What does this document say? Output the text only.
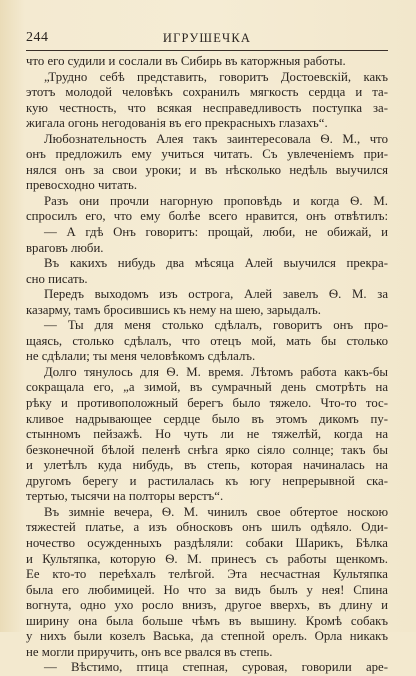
244	ИГРУШЕЧКА
что его судили и сослали въ Сибирь въ каторжныя работы.
„Трудно себѣ представить, говоритъ Достоевскій, какъ
этотъ молодой человѣкъ сохранилъ мягкость сердца и та-
кую честность, что всякая несправедливость поступка за-
жигала огонь негодованія въ его прекрасныхъ глазахъ“.
Любознательность Алея такъ заинтересовала Ѳ. М., что
онъ предложилъ ему учиться читать. Съ увлеченіемъ при-
нялся онъ за свои уроки; и въ нѣсколько недѣль выучился
превосходно читать.
Разъ они прочли нагорную проповѣдь и когда Ѳ. М.
спросилъ его, что ему болѣе всего нравится, онъ отвѣтилъ:
— А гдѣ Онъ говоритъ: прощай, люби, не обижай, и
враговъ люби.
Въ какихъ нибудь два мѣсяца Алей выучился прекра-
сно писать.
Передъ выходомъ изъ острога, Алей завелъ Ѳ. М. за
казарму, тамъ бросившись къ нему на шею, зарыдалъ.
— Ты для меня столько сдѣлалъ, говоритъ онъ про-
щаясь, столько сдѣлалъ, что отецъ мой, мать бы столько
не сдѣлали; ты меня человѣкомъ сдѣлалъ.
Долго тянулось для Ѳ. М. время. Лѣтомъ работа какъ-бы
сокращала его, „а зимой, въ сумрачный день смотрѣть на
рѣку и противоположный берегъ было тяжело. Что-то тос-
кливое надрывающее сердце было въ этомъ дикомъ пу-
стынномъ пейзажѣ. Но чуть ли не тяжелѣй, когда на
безконечной бѣлой пеленѣ снѣга ярко сіяло солнце; такъ бы
и улетѣлъ куда нибудь, въ степь, которая начиналась на
другомъ берегу и растилалась къ югу непрерывной ска-
тертью, тысячи на полторы верстъ“.
Въ зимніе вечера, Ѳ. М. чинилъ свое обтертое носкою
тяжестей платье, а изъ обносковъ онъ шилъ одѣяло. Оди-
ночество осужденныхъ раздѣляли: собаки Шарикъ, Бѣлка
и Культяпка, которую Ѳ. М. принесъ съ работы щенкомъ.
Ее кто-то переѣхалъ телѣгой. Эта несчастная Культяпка
была его любимицей. Но что за видъ былъ у нея! Спина
вогнута, одно ухо росло внизъ, другое вверхъ, въ длину и
ширину она была больше чѣмъ въ вышину. Кромѣ собакъ
у нихъ были козелъ Васька, да степной орелъ. Орла никакъ
не могли приручить, онъ все рвался въ степь.
— Вѣстимо, птица степная, суровая, говорили аре-
